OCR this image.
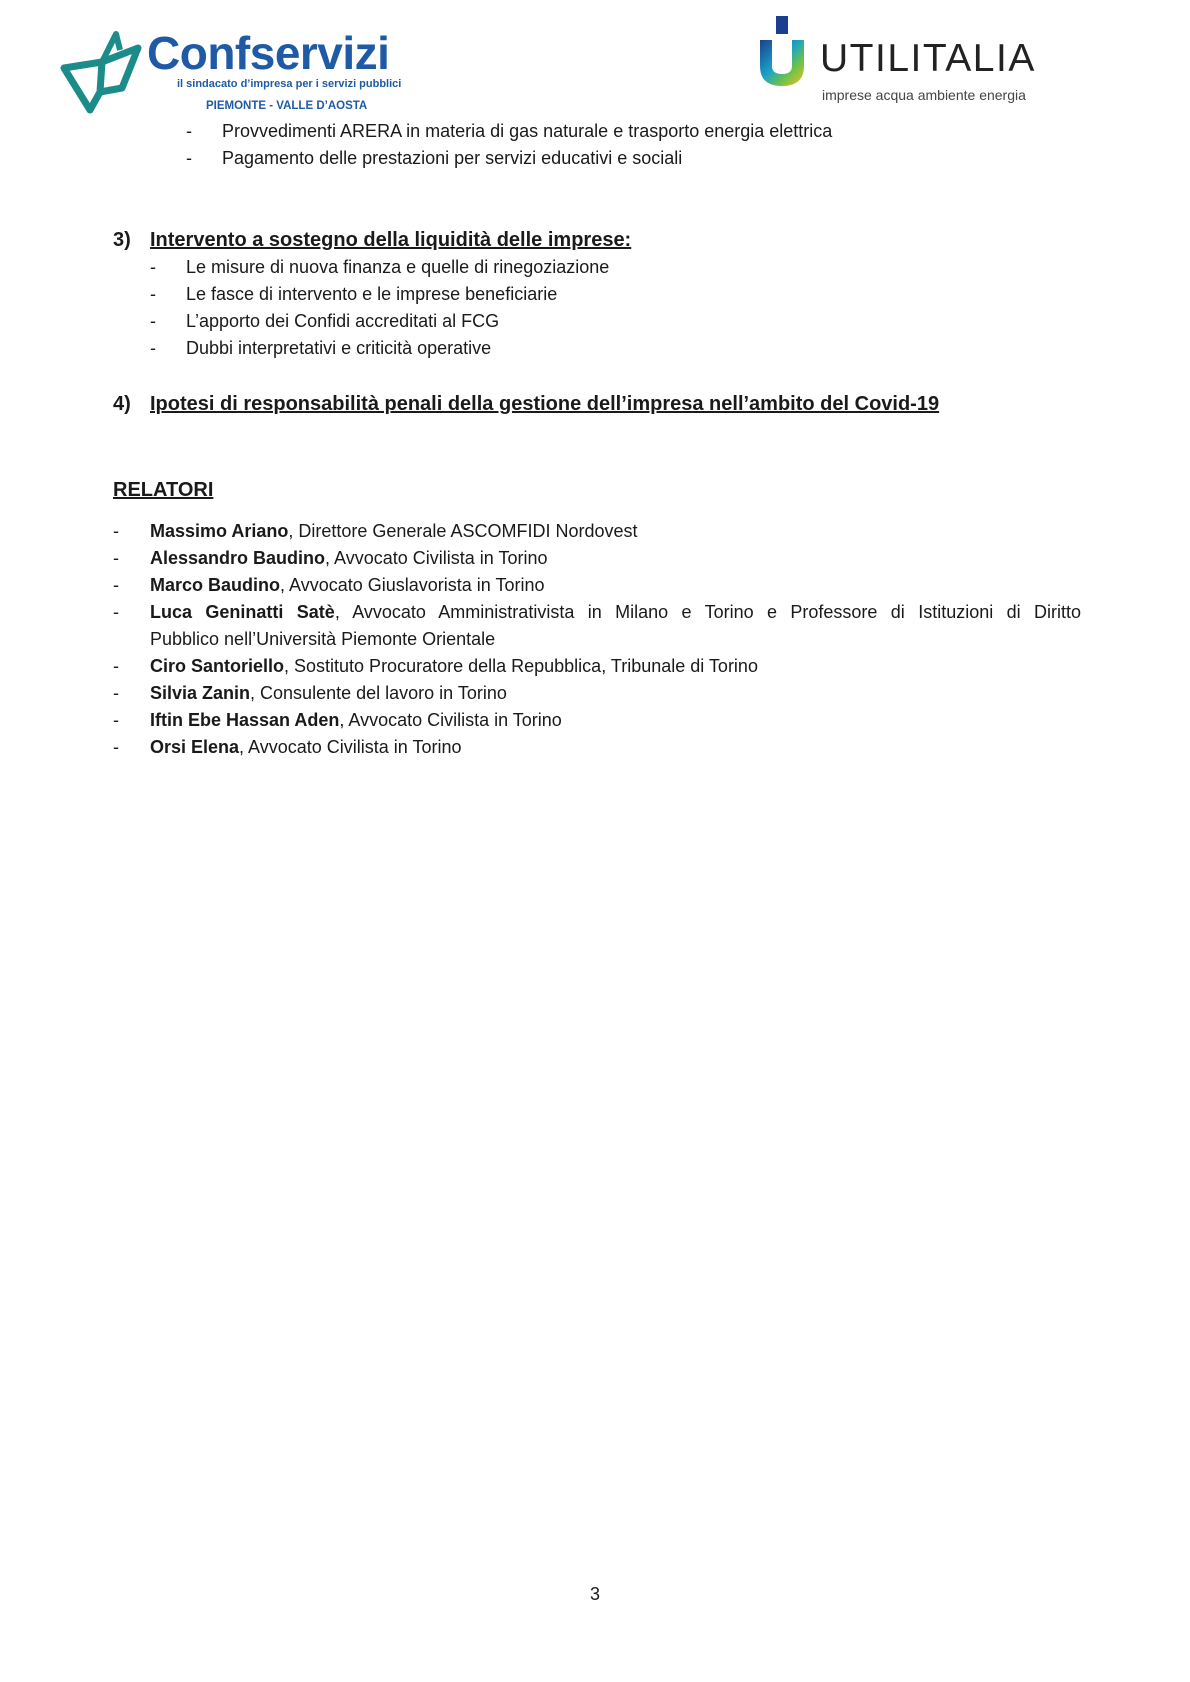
Confservizi
il sindacato d’impresa per i servizi pubblici
PIEMONTE - VALLE D’AOSTA
UTILITALIA
imprese acqua ambiente energia
- Provvedimenti ARERA in materia di gas naturale e trasporto energia elettrica
- Pagamento delle prestazioni per servizi educativi e sociali
3) Intervento a sostegno della liquidità delle imprese:
- Le misure di nuova finanza e quelle di rinegoziazione
- Le fasce di intervento e le imprese beneficiarie
- L’apporto dei Confidi accreditati al FCG
- Dubbi interpretativi e criticità operative
4) Ipotesi di responsabilità penali della gestione dell’impresa nell’ambito del Covid-19
RELATORI
- Massimo Ariano, Direttore Generale ASCOMFIDI Nordovest
- Alessandro Baudino, Avvocato Civilista in Torino
- Marco Baudino, Avvocato Giuslavorista in Torino
- Luca Geninatti Satè, Avvocato Amministrativista in Milano e Torino e Professore di Istituzioni di Diritto
Pubblico nell’Università Piemonte Orientale
- Ciro Santoriello, Sostituto Procuratore della Repubblica, Tribunale di Torino
- Silvia Zanin, Consulente del lavoro in Torino
- Iftin Ebe Hassan Aden, Avvocato Civilista in Torino
- Orsi Elena, Avvocato Civilista in Torino
3
